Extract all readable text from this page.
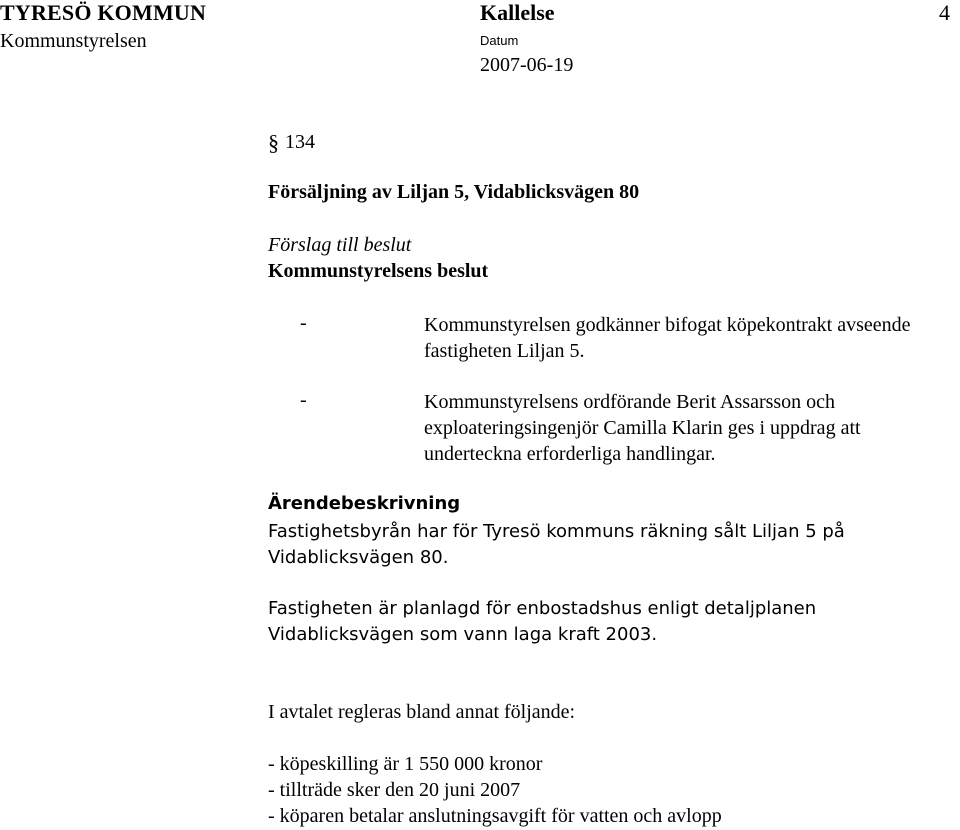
TYRESÖ KOMMUN
Kommunstyrelsen
Kallelse
Datum
2007-06-19
4
§ 134
Försäljning av Liljan 5, Vidablicksvägen 80
Förslag till beslut
Kommunstyrelsens beslut
-	Kommunstyrelsen godkänner bifogat köpekontrakt avseende fastigheten Liljan 5.
-	Kommunstyrelsens ordförande Berit Assarsson och exploateringsingenjör Camilla Klarin ges i uppdrag att underteckna erforderliga handlingar.
Ärendebeskrivning
Fastighetsbyrån har för Tyresö kommuns räkning sålt Liljan 5 på Vidablicksvägen 80.
Fastigheten är planlagd för enbostadshus enligt detaljplanen Vidablicksvägen som vann laga kraft 2003.
I avtalet regleras bland annat följande:
- köpeskilling är 1 550 000 kronor
- tillträde sker den 20 juni 2007
- köparen betalar anslutningsavgift för vatten och avlopp
